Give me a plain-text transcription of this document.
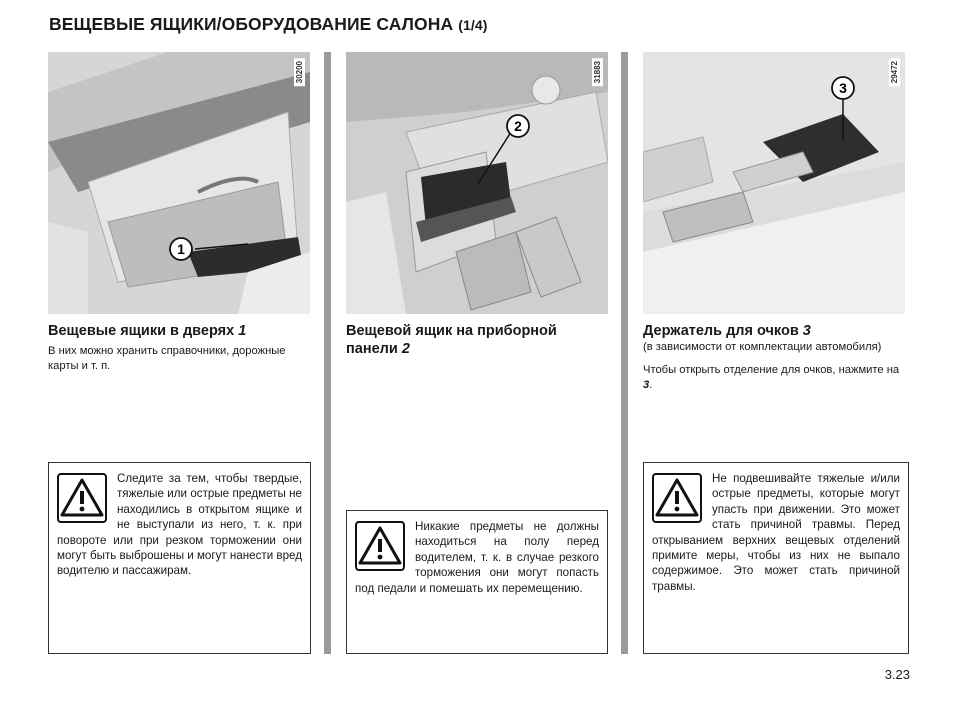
ВЕЩЕВЫЕ ЯЩИКИ/ОБОРУДОВАНИЕ САЛОНА (1/4)
1
30200
Вещевые ящики в дверях 1
В них можно хранить справочники, дорожные карты и т. п.
Следите за тем, чтобы твердые, тяжелые или острые предметы не находились в открытом ящике и не выступали из него, т. к. при повороте или при резком торможении они могут быть выброшены и могут нанести вред водителю и пассажирам.
2
31883
Вещевой ящик на приборной панели 2
Никакие предметы не должны находиться на полу перед водителем, т. к. в случае резкого торможения они могут попасть под педали и помешать их перемещению.
3
29472
Держатель для очков 3
(в зависимости от комплектации автомобиля)
Чтобы открыть отделение для очков, нажмите на 3.
Не подвешивайте тяжелые и/или острые предметы, которые могут упасть при движении. Это может стать причиной травмы. Перед открыванием верхних вещевых отделений примите меры, чтобы из них не выпало содержимое. Это может стать причиной травмы.
3.23
